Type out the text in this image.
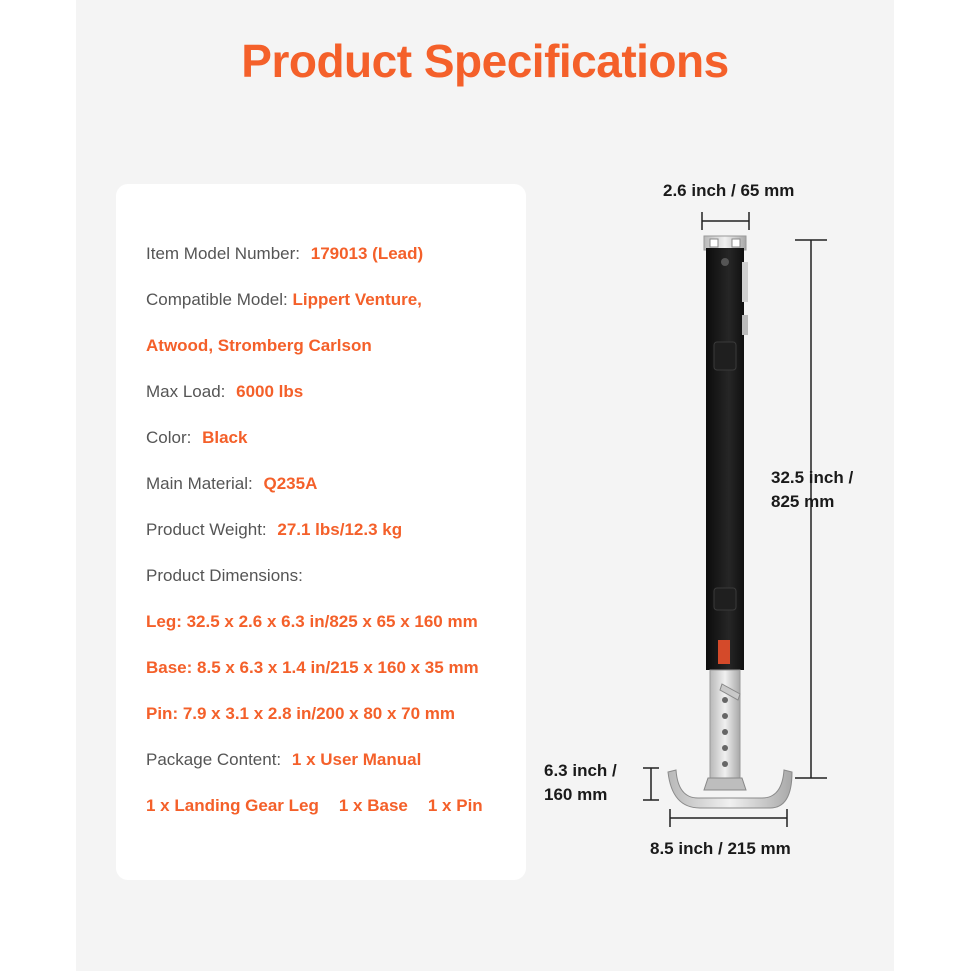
Product Specifications
Item Model Number: 179013 (Lead)
Compatible Model: Lippert Venture,
Atwood, Stromberg Carlson
Max Load: 6000 lbs
Color: Black
Main Material: Q235A
Product Weight: 27.1 lbs/12.3 kg
Product Dimensions:
Leg: 32.5 x 2.6 x 6.3 in/825 x 65 x 160 mm
Base: 8.5 x 6.3 x 1.4 in/215 x 160 x 35 mm
Pin: 7.9 x 3.1 x 2.8 in/200 x 80 x 70 mm
Package Content: 1 x User Manual
1 x Landing Gear Leg 1 x Base 1 x Pin
2.6 inch / 65 mm
32.5 inch /
825 mm
6.3 inch /
160 mm
8.5 inch / 215 mm
